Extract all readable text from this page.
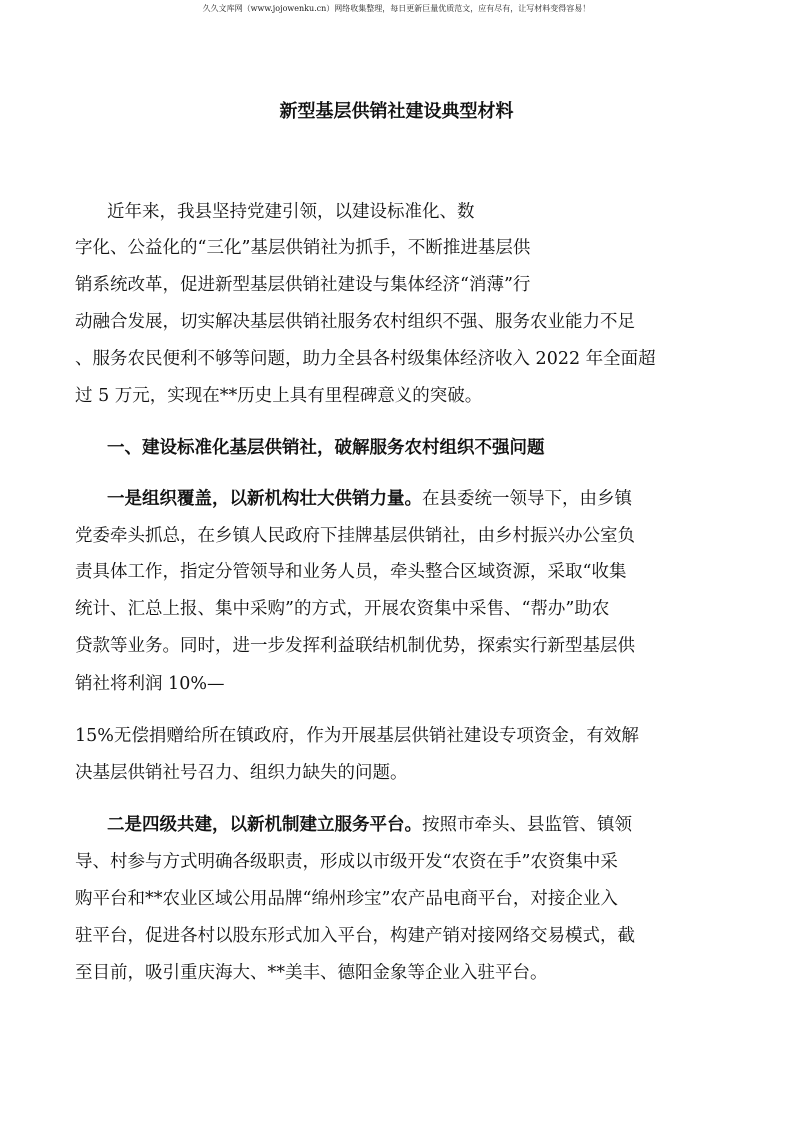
久久文库网（www.jojowenku.cn）网络收集整理，每日更新巨量优质范文，应有尽有，让写材料变得容易！
新型基层供销社建设典型材料
近年来，我县坚持党建引领，以建设标准化、数
字化、公益化的“三化”基层供销社为抓手，不断推进基层供
销系统改革，促进新型基层供销社建设与集体经济“消薄”行
动融合发展，切实解决基层供销社服务农村组织不强、服务农业能力不足
、服务农民便利不够等问题，助力全县各村级集体经济收入 2022 年全面超
过 5 万元，实现在**历史上具有里程碑意义的突破。
一、建设标准化基层供销社，破解服务农村组织不强问题
一是组织覆盖，以新机构壮大供销力量。在县委统一领导下，由乡镇
党委牵头抓总，在乡镇人民政府下挂牌基层供销社，由乡村振兴办公室负
责具体工作，指定分管领导和业务人员，牵头整合区域资源，采取“收集
统计、汇总上报、集中采购”的方式，开展农资集中采售、“帮办”助农
贷款等业务。同时，进一步发挥利益联结机制优势，探索实行新型基层供
销社将利润 10%—
15%无偿捐赠给所在镇政府，作为开展基层供销社建设专项资金，有效解
决基层供销社号召力、组织力缺失的问题。
二是四级共建，以新机制建立服务平台。按照市牵头、县监管、镇领
导、村参与方式明确各级职责，形成以市级开发“农资在手”农资集中采
购平台和**农业区域公用品牌“绵州珍宝”农产品电商平台，对接企业入
驻平台，促进各村以股东形式加入平台，构建产销对接网络交易模式，截
至目前，吸引重庆海大、**美丰、德阳金象等企业入驻平台。
